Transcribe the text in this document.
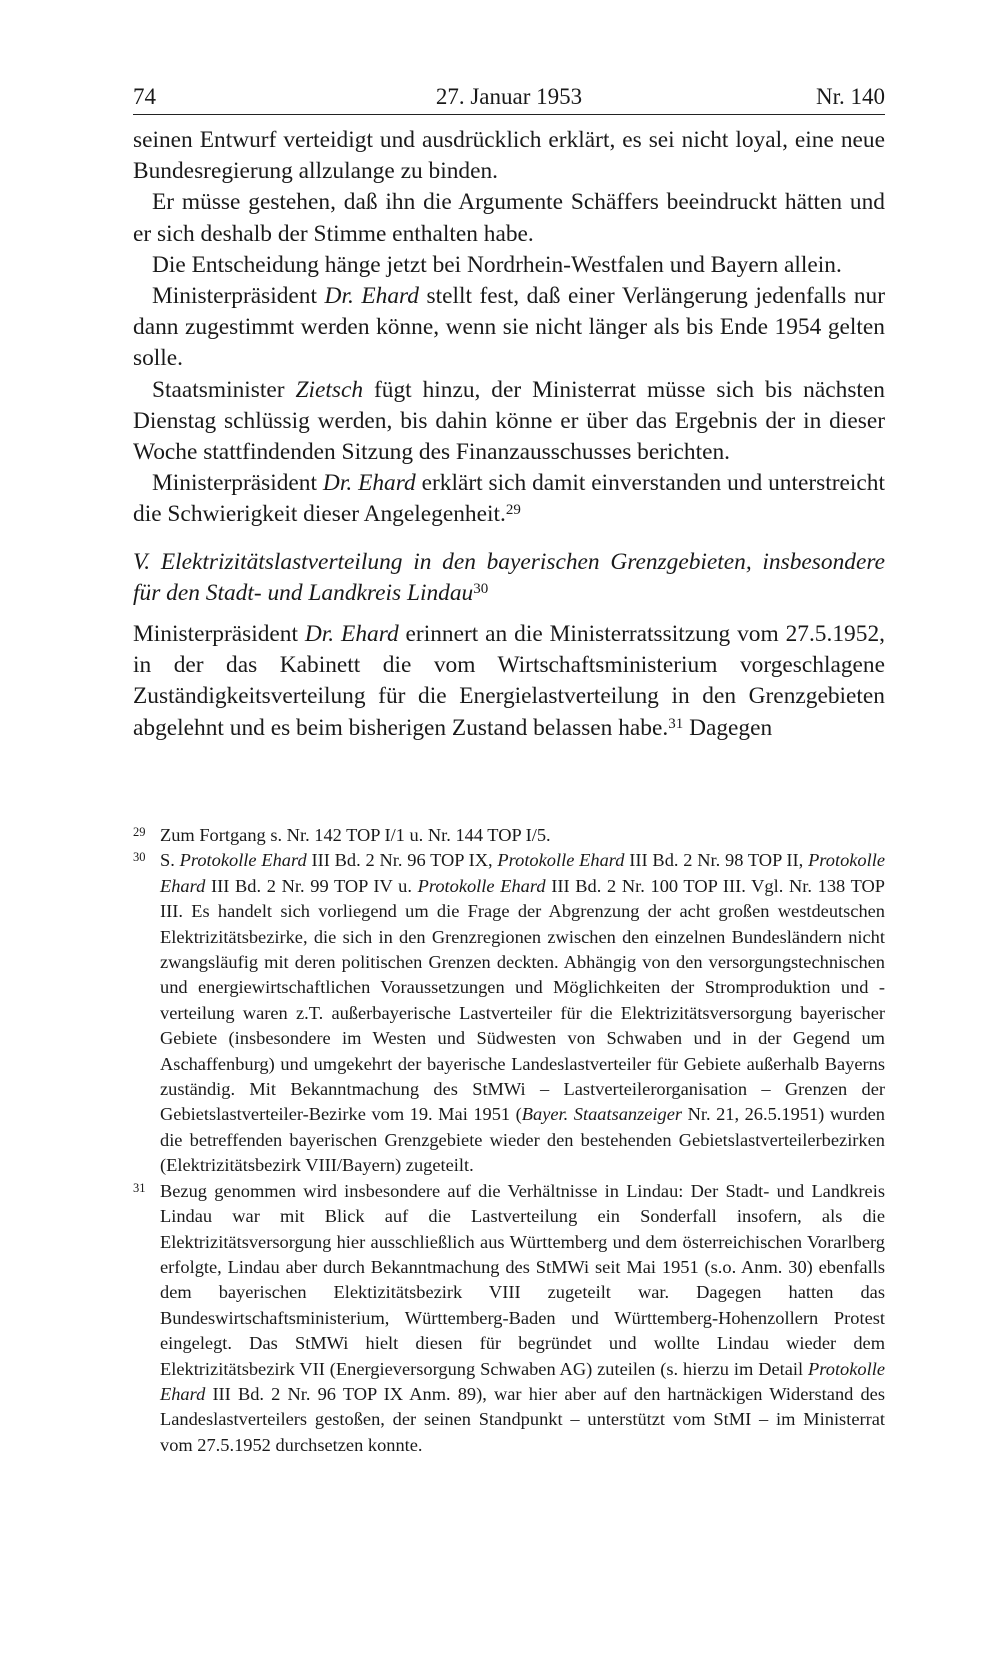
74	27. Januar 1953	Nr. 140

seinen Entwurf verteidigt und ausdrücklich erklärt, es sei nicht loyal, eine neue Bundesregierung allzulange zu binden.

Er müsse gestehen, daß ihn die Argumente Schäffers beeindruckt hätten und er sich deshalb der Stimme enthalten habe.

Die Entscheidung hänge jetzt bei Nordrhein-Westfalen und Bayern allein.

Ministerpräsident Dr. Ehard stellt fest, daß einer Verlängerung jedenfalls nur dann zugestimmt werden könne, wenn sie nicht länger als bis Ende 1954 gelten solle.

Staatsminister Zietsch fügt hinzu, der Ministerrat müsse sich bis nächsten Dienstag schlüssig werden, bis dahin könne er über das Ergebnis der in dieser Woche stattfindenden Sitzung des Finanzausschusses berichten.

Ministerpräsident Dr. Ehard erklärt sich damit einverstanden und unterstreicht die Schwierigkeit dieser Angelegenheit.$^{29}$

V. Elektrizitätslastverteilung in den bayerischen Grenzgebieten, insbesondere für den Stadt- und Landkreis Lindau$^{30}$

Ministerpräsident Dr. Ehard erinnert an die Ministerratssitzung vom 27.5.1952, in der das Kabinett die vom Wirtschaftsministerium vorgeschlagene Zuständigkeitsverteilung für die Energielastverteilung in den Grenzgebieten abgelehnt und es beim bisherigen Zustand belassen habe.$^{31}$ Dagegen

29 Zum Fortgang s. Nr. 142 TOP I/1 u. Nr. 144 TOP I/5.

30 S. Protokolle Ehard III Bd. 2 Nr. 96 TOP IX, Protokolle Ehard III Bd. 2 Nr. 98 TOP II, Protokolle Ehard III Bd. 2 Nr. 99 TOP IV u. Protokolle Ehard III Bd. 2 Nr. 100 TOP III. Vgl. Nr. 138 TOP III. Es handelt sich vorliegend um die Frage der Abgrenzung der acht großen westdeutschen Elektrizitätsbezirke, die sich in den Grenzregionen zwischen den einzelnen Bundesländern nicht zwangsläufig mit deren politischen Grenzen deckten. Abhängig von den versorgungstechnischen und energiewirtschaftlichen Voraussetzungen und Möglichkeiten der Stromproduktion und -verteilung waren z.T. außerbayerische Lastverteiler für die Elektrizitätsversorgung bayerischer Gebiete (insbesondere im Westen und Südwesten von Schwaben und in der Gegend um Aschaffenburg) und umgekehrt der bayerische Landeslastverteiler für Gebiete außerhalb Bayerns zuständig. Mit Bekanntmachung des StMWi – Lastverteilerorganisation – Grenzen der Gebietslastverteiler-Bezirke vom 19. Mai 1951 (Bayer. Staatsanzeiger Nr. 21, 26.5.1951) wurden die betreffenden bayerischen Grenzgebiete wieder den bestehenden Gebietslastverteilerbezirken (Elektrizitätsbezirk VIII/Bayern) zugeteilt.

31 Bezug genommen wird insbesondere auf die Verhältnisse in Lindau: Der Stadt- und Landkreis Lindau war mit Blick auf die Lastverteilung ein Sonderfall insofern, als die Elektrizitätsversorgung hier ausschließlich aus Württemberg und dem österreichischen Vorarlberg erfolgte, Lindau aber durch Bekanntmachung des StMWi seit Mai 1951 (s.o. Anm. 30) ebenfalls dem bayerischen Elektizitätsbezirk VIII zugeteilt war. Dagegen hatten das Bundeswirtschaftsministerium, Württemberg-Baden und Württemberg-Hohenzollern Protest eingelegt. Das StMWi hielt diesen für begründet und wollte Lindau wieder dem Elektrizitätsbezirk VII (Energieversorgung Schwaben AG) zuteilen (s. hierzu im Detail Protokolle Ehard III Bd. 2 Nr. 96 TOP IX Anm. 89), war hier aber auf den hartnäckigen Widerstand des Landeslastverteilers gestoßen, der seinen Standpunkt – unterstützt vom StMI – im Ministerrat vom 27.5.1952 durchsetzen konnte.
